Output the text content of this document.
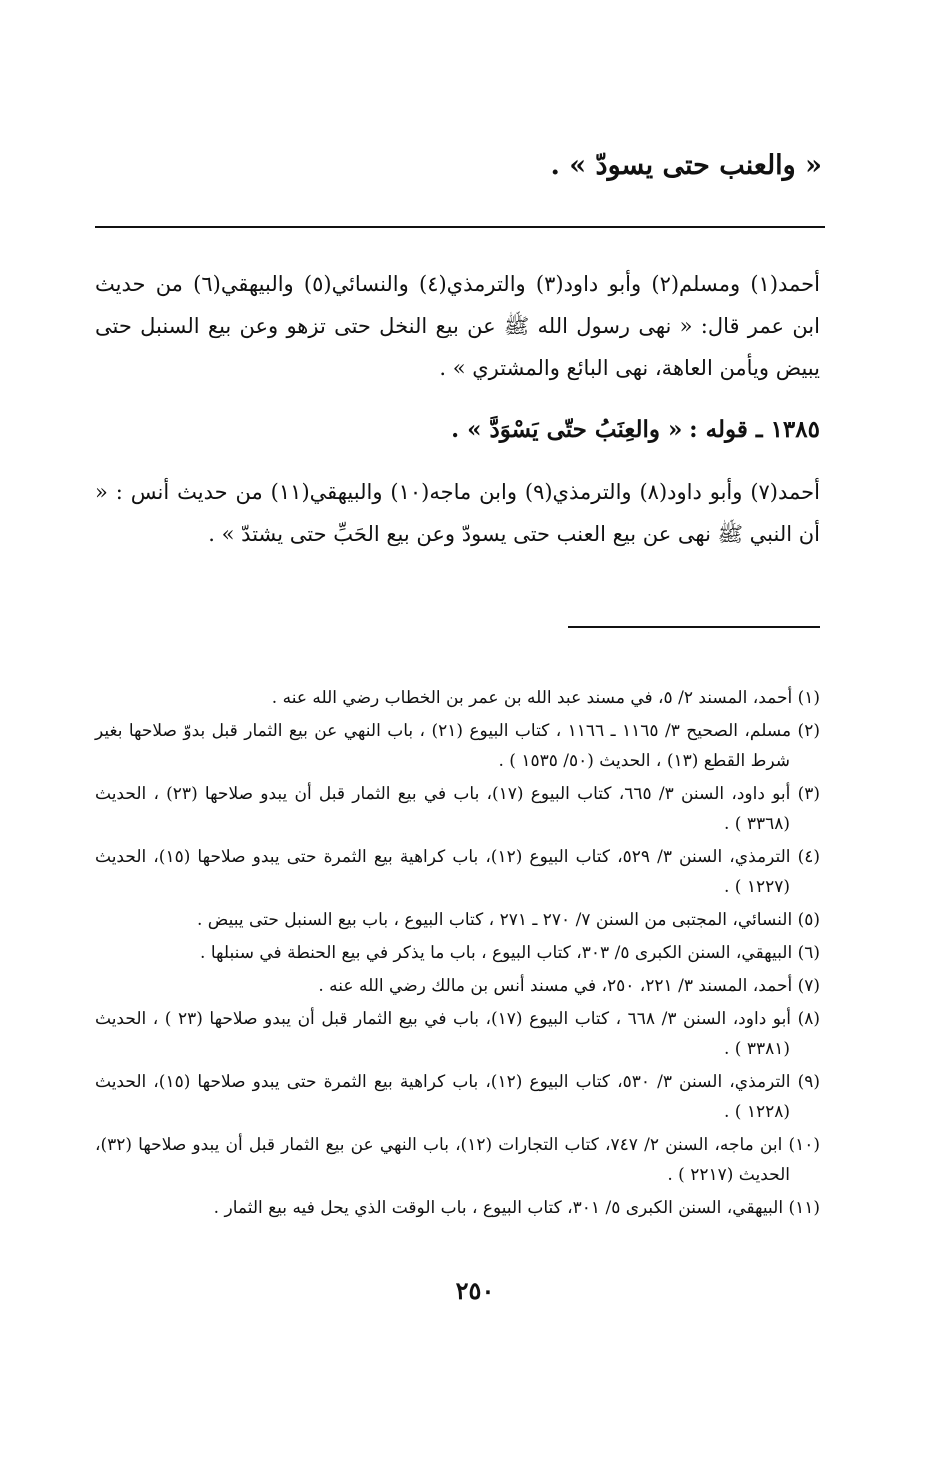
« والعنب حتى يسودّ » .

أحمد(١) ومسلم(٢) وأبو داود(٣) والترمذي(٤) والنسائي(٥) والبيهقي(٦) من حديث ابن عمر قال: « نهى رسول الله ﷺ عن بيع النخل حتى تزهو وعن بيع السنبل حتى يبيض ويأمن العاهة، نهى البائع والمشتري » .

١٣٨٥ ـ قوله : « والعِنَبُ حتّى يَسْوَدَّ » .

أحمد(٧) وأبو داود(٨) والترمذي(٩) وابن ماجه(١٠) والبيهقي(١١) من حديث أنس : « أن النبي ﷺ نهى عن بيع العنب حتى يسودّ وعن بيع الحَبِّ حتى يشتدّ » .

(١) أحمد، المسند ٢/ ٥، في مسند عبد الله بن عمر بن الخطاب رضي الله عنه .
(٢) مسلم، الصحيح ٣/ ١١٦٥ ـ ١١٦٦ ، كتاب البيوع (٢١) ، باب النهي عن بيع الثمار قبل بدوّ صلاحها بغير شرط القطع (١٣) ، الحديث (٥٠/ ١٥٣٥ ) .
(٣) أبو داود، السنن ٣/ ٦٦٥، كتاب البيوع (١٧)، باب في بيع الثمار قبل أن يبدو صلاحها (٢٣) ، الحديث (٣٣٦٨ ) .
(٤) الترمذي، السنن ٣/ ٥٢٩، كتاب البيوع (١٢)، باب كراهية بيع الثمرة حتى يبدو صلاحها (١٥)، الحديث (١٢٢٧ ) .
(٥) النسائي، المجتبى من السنن ٧/ ٢٧٠ ـ ٢٧١ ، كتاب البيوع ، باب بيع السنبل حتى يبيض .
(٦) البيهقي، السنن الكبرى ٥/ ٣٠٣، كتاب البيوع ، باب ما يذكر في بيع الحنطة في سنبلها .
(٧) أحمد، المسند ٣/ ٢٢١، ٢٥٠، في مسند أنس بن مالك رضي الله عنه .
(٨) أبو داود، السنن ٣/ ٦٦٨ ، كتاب البيوع (١٧)، باب في بيع الثمار قبل أن يبدو صلاحها (٢٣ ) ، الحديث (٣٣٨١ ) .
(٩) الترمذي، السنن ٣/ ٥٣٠، كتاب البيوع (١٢)، باب كراهية بيع الثمرة حتى يبدو صلاحها (١٥)، الحديث (١٢٢٨ ) .
(١٠) ابن ماجه، السنن ٢/ ٧٤٧، كتاب التجارات (١٢)، باب النهي عن بيع الثمار قبل أن يبدو صلاحها (٣٢)، الحديث (٢٢١٧ ) .
(١١) البيهقي، السنن الكبرى ٥/ ٣٠١، كتاب البيوع ، باب الوقت الذي يحل فيه بيع الثمار .
٢٥٠
